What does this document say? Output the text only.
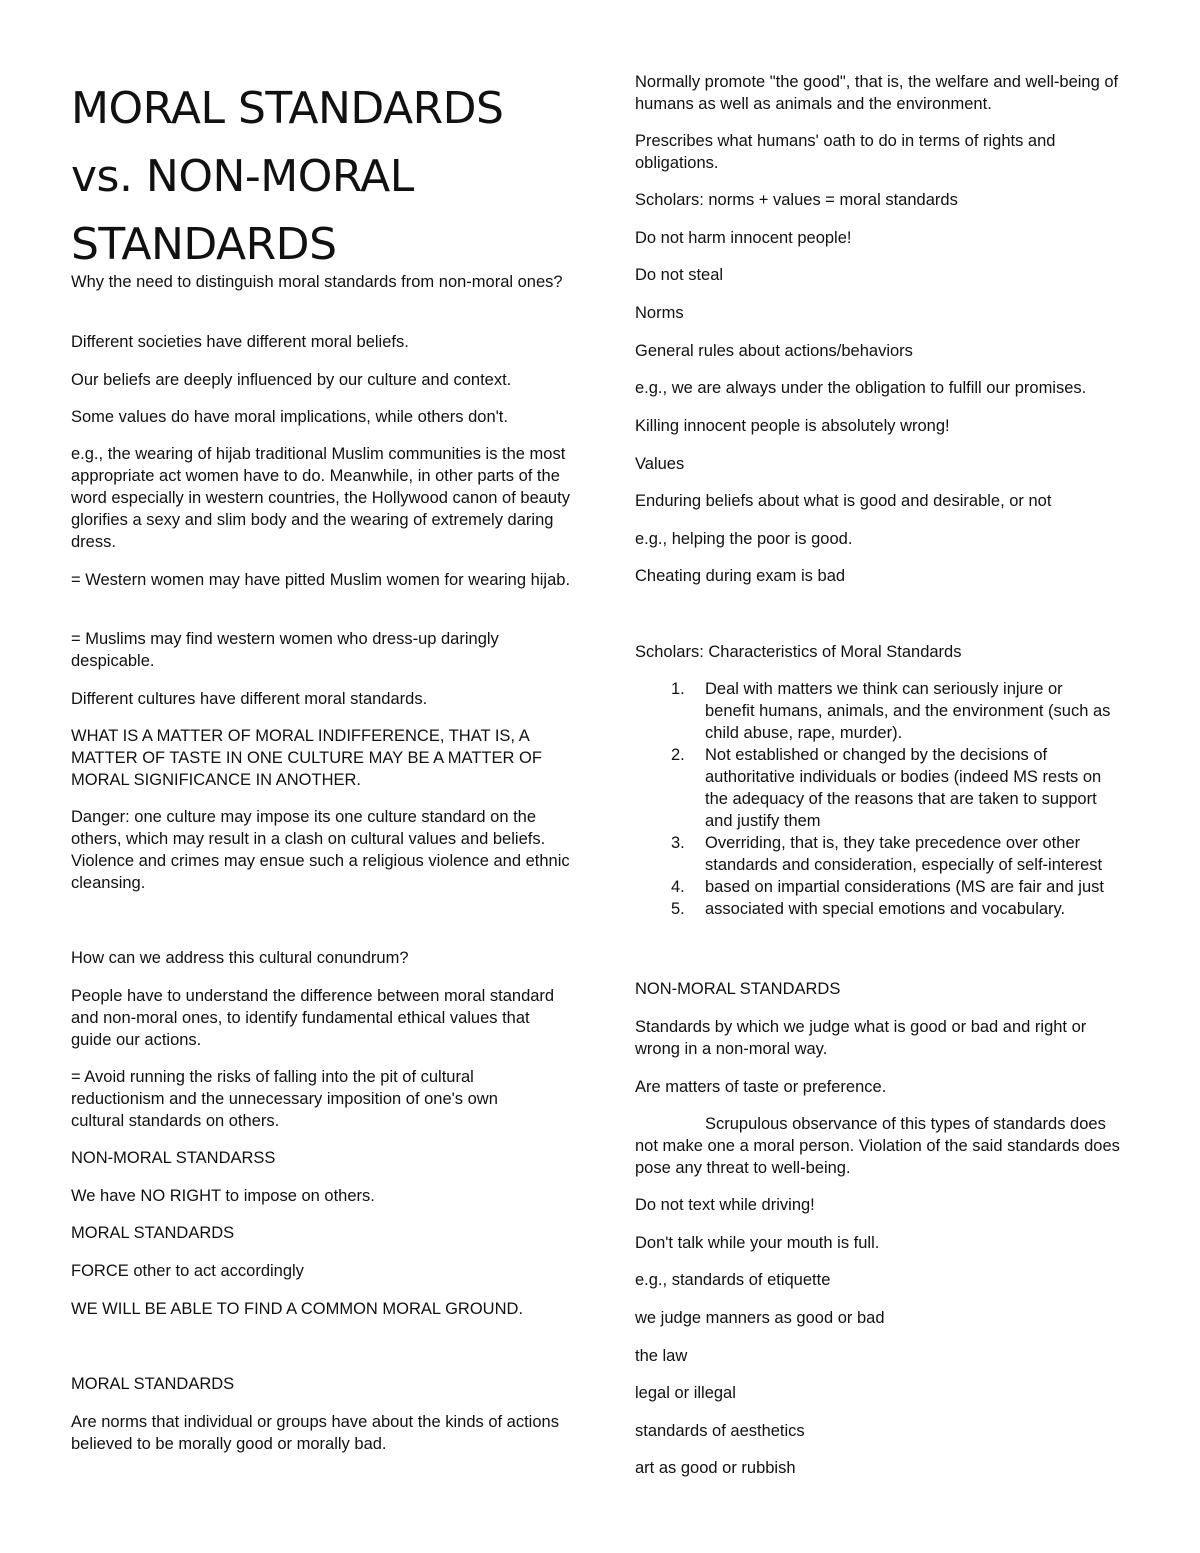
MORAL STANDARDS vs. NON-MORAL STANDARDS

Why the need to distinguish moral standards from non-moral ones?

Different societies have different moral beliefs.

Our beliefs are deeply influenced by our culture and context.

Some values do have moral implications, while others don't.

e.g., the wearing of hijab traditional Muslim communities is the most appropriate act women have to do. Meanwhile, in other parts of the word especially in western countries, the Hollywood canon of beauty glorifies a sexy and slim body and the wearing of extremely daring dress.

= Western women may have pitted Muslim women for wearing hijab.

= Muslims may find western women who dress-up daringly despicable.

Different cultures have different moral standards.

WHAT IS A MATTER OF MORAL INDIFFERENCE, THAT IS, A MATTER OF TASTE IN ONE CULTURE MAY BE A MATTER OF MORAL SIGNIFICANCE IN ANOTHER.

Danger: one culture may impose its one culture standard on the others, which may result in a clash on cultural values and beliefs. Violence and crimes may ensue such a religious violence and ethnic cleansing.

How can we address this cultural conundrum?

People have to understand the difference between moral standard and non-moral ones, to identify fundamental ethical values that guide our actions.

= Avoid running the risks of falling into the pit of cultural reductionism and the unnecessary imposition of one's own cultural standards on others.

NON-MORAL STANDARSS

We have NO RIGHT to impose on others.

MORAL STANDARDS

FORCE other to act accordingly

WE WILL BE ABLE TO FIND A COMMON MORAL GROUND.

MORAL STANDARDS

Are norms that individual or groups have about the kinds of actions believed to be morally good or morally bad.

Normally promote "the good", that is, the welfare and well-being of humans as well as animals and the environment.

Prescribes what humans' oath to do in terms of rights and obligations.

Scholars: norms + values = moral standards

Do not harm innocent people!

Do not steal

Norms

General rules about actions/behaviors

e.g., we are always under the obligation to fulfill our promises.

Killing innocent people is absolutely wrong!

Values

Enduring beliefs about what is good and desirable, or not

e.g., helping the poor is good.

Cheating during exam is bad

Scholars: Characteristics of Moral Standards

1. Deal with matters we think can seriously injure or benefit humans, animals, and the environment (such as child abuse, rape, murder).
2. Not established or changed by the decisions of authoritative individuals or bodies (indeed MS rests on the adequacy of the reasons that are taken to support and justify them
3. Overriding, that is, they take precedence over other standards and consideration, especially of self-interest
4. based on impartial considerations (MS are fair and just
5. associated with special emotions and vocabulary.

NON-MORAL STANDARDS

Standards by which we judge what is good or bad and right or wrong in a non-moral way.

Are matters of taste or preference.

Scrupulous observance of this types of standards does not make one a moral person. Violation of the said standards does pose any threat to well-being.

Do not text while driving!

Don't talk while your mouth is full.

e.g., standards of etiquette

we judge manners as good or bad

the law

legal or illegal

standards of aesthetics

art as good or rubbish
